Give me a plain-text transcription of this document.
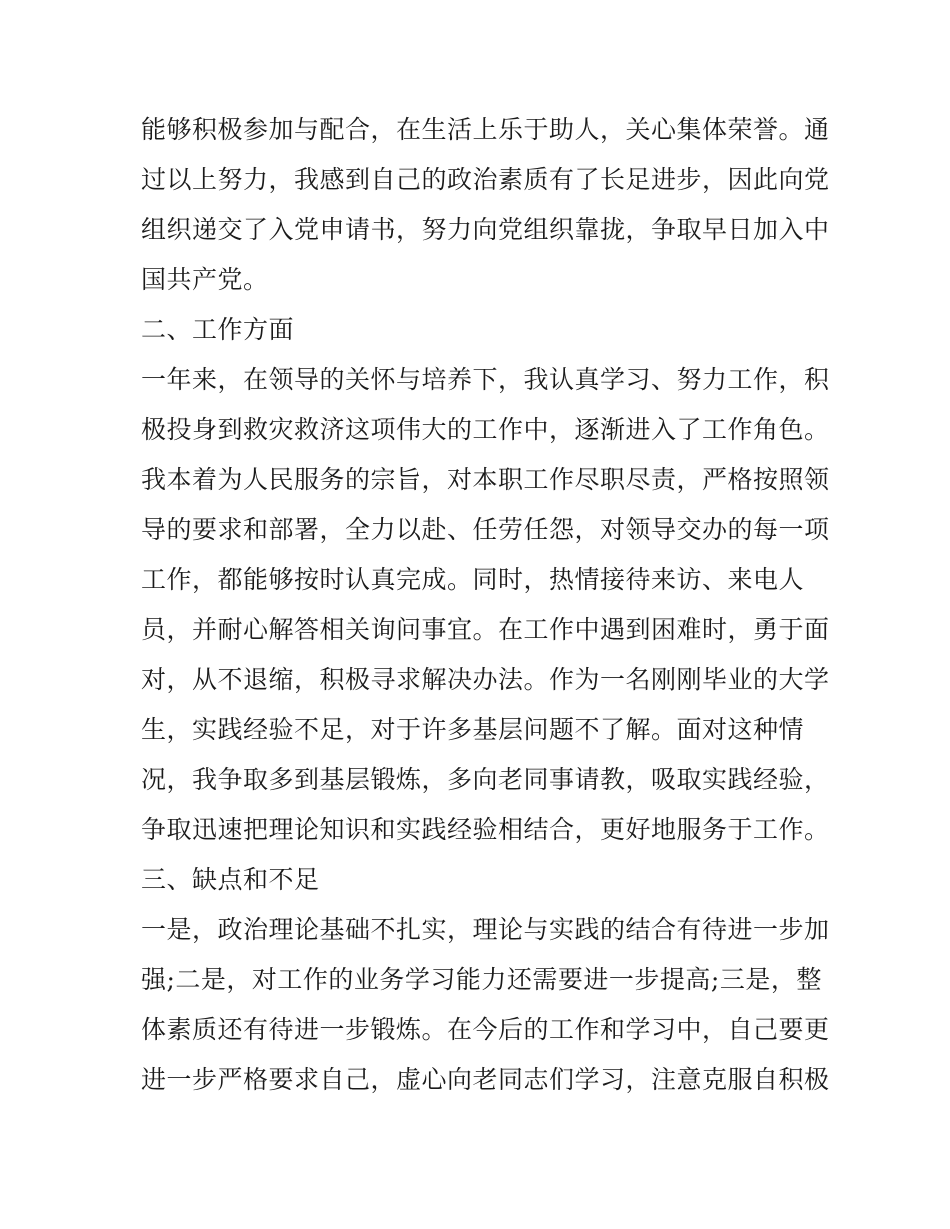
能够积极参加与配合，在生活上乐于助人，关心集体荣誉。通
过以上努力，我感到自己的政治素质有了长足进步，因此向党
组织递交了入党申请书，努力向党组织靠拢，争取早日加入中
国共产党。
二、工作方面
一年来，在领导的关怀与培养下，我认真学习、努力工作，积
极投身到救灾救济这项伟大的工作中，逐渐进入了工作角色。
我本着为人民服务的宗旨，对本职工作尽职尽责，严格按照领
导的要求和部署，全力以赴、任劳任怨，对领导交办的每一项
工作，都能够按时认真完成。同时，热情接待来访、来电人
员，并耐心解答相关询问事宜。在工作中遇到困难时，勇于面
对，从不退缩，积极寻求解决办法。作为一名刚刚毕业的大学
生，实践经验不足，对于许多基层问题不了解。面对这种情
况，我争取多到基层锻炼，多向老同事请教，吸取实践经验，
争取迅速把理论知识和实践经验相结合，更好地服务于工作。
三、缺点和不足
一是，政治理论基础不扎实，理论与实践的结合有待进一步加
强;二是，对工作的业务学习能力还需要进一步提高;三是，整
体素质还有待进一步锻炼。在今后的工作和学习中，自己要更
进一步严格要求自己，虚心向老同志们学习，注意克服自积极
